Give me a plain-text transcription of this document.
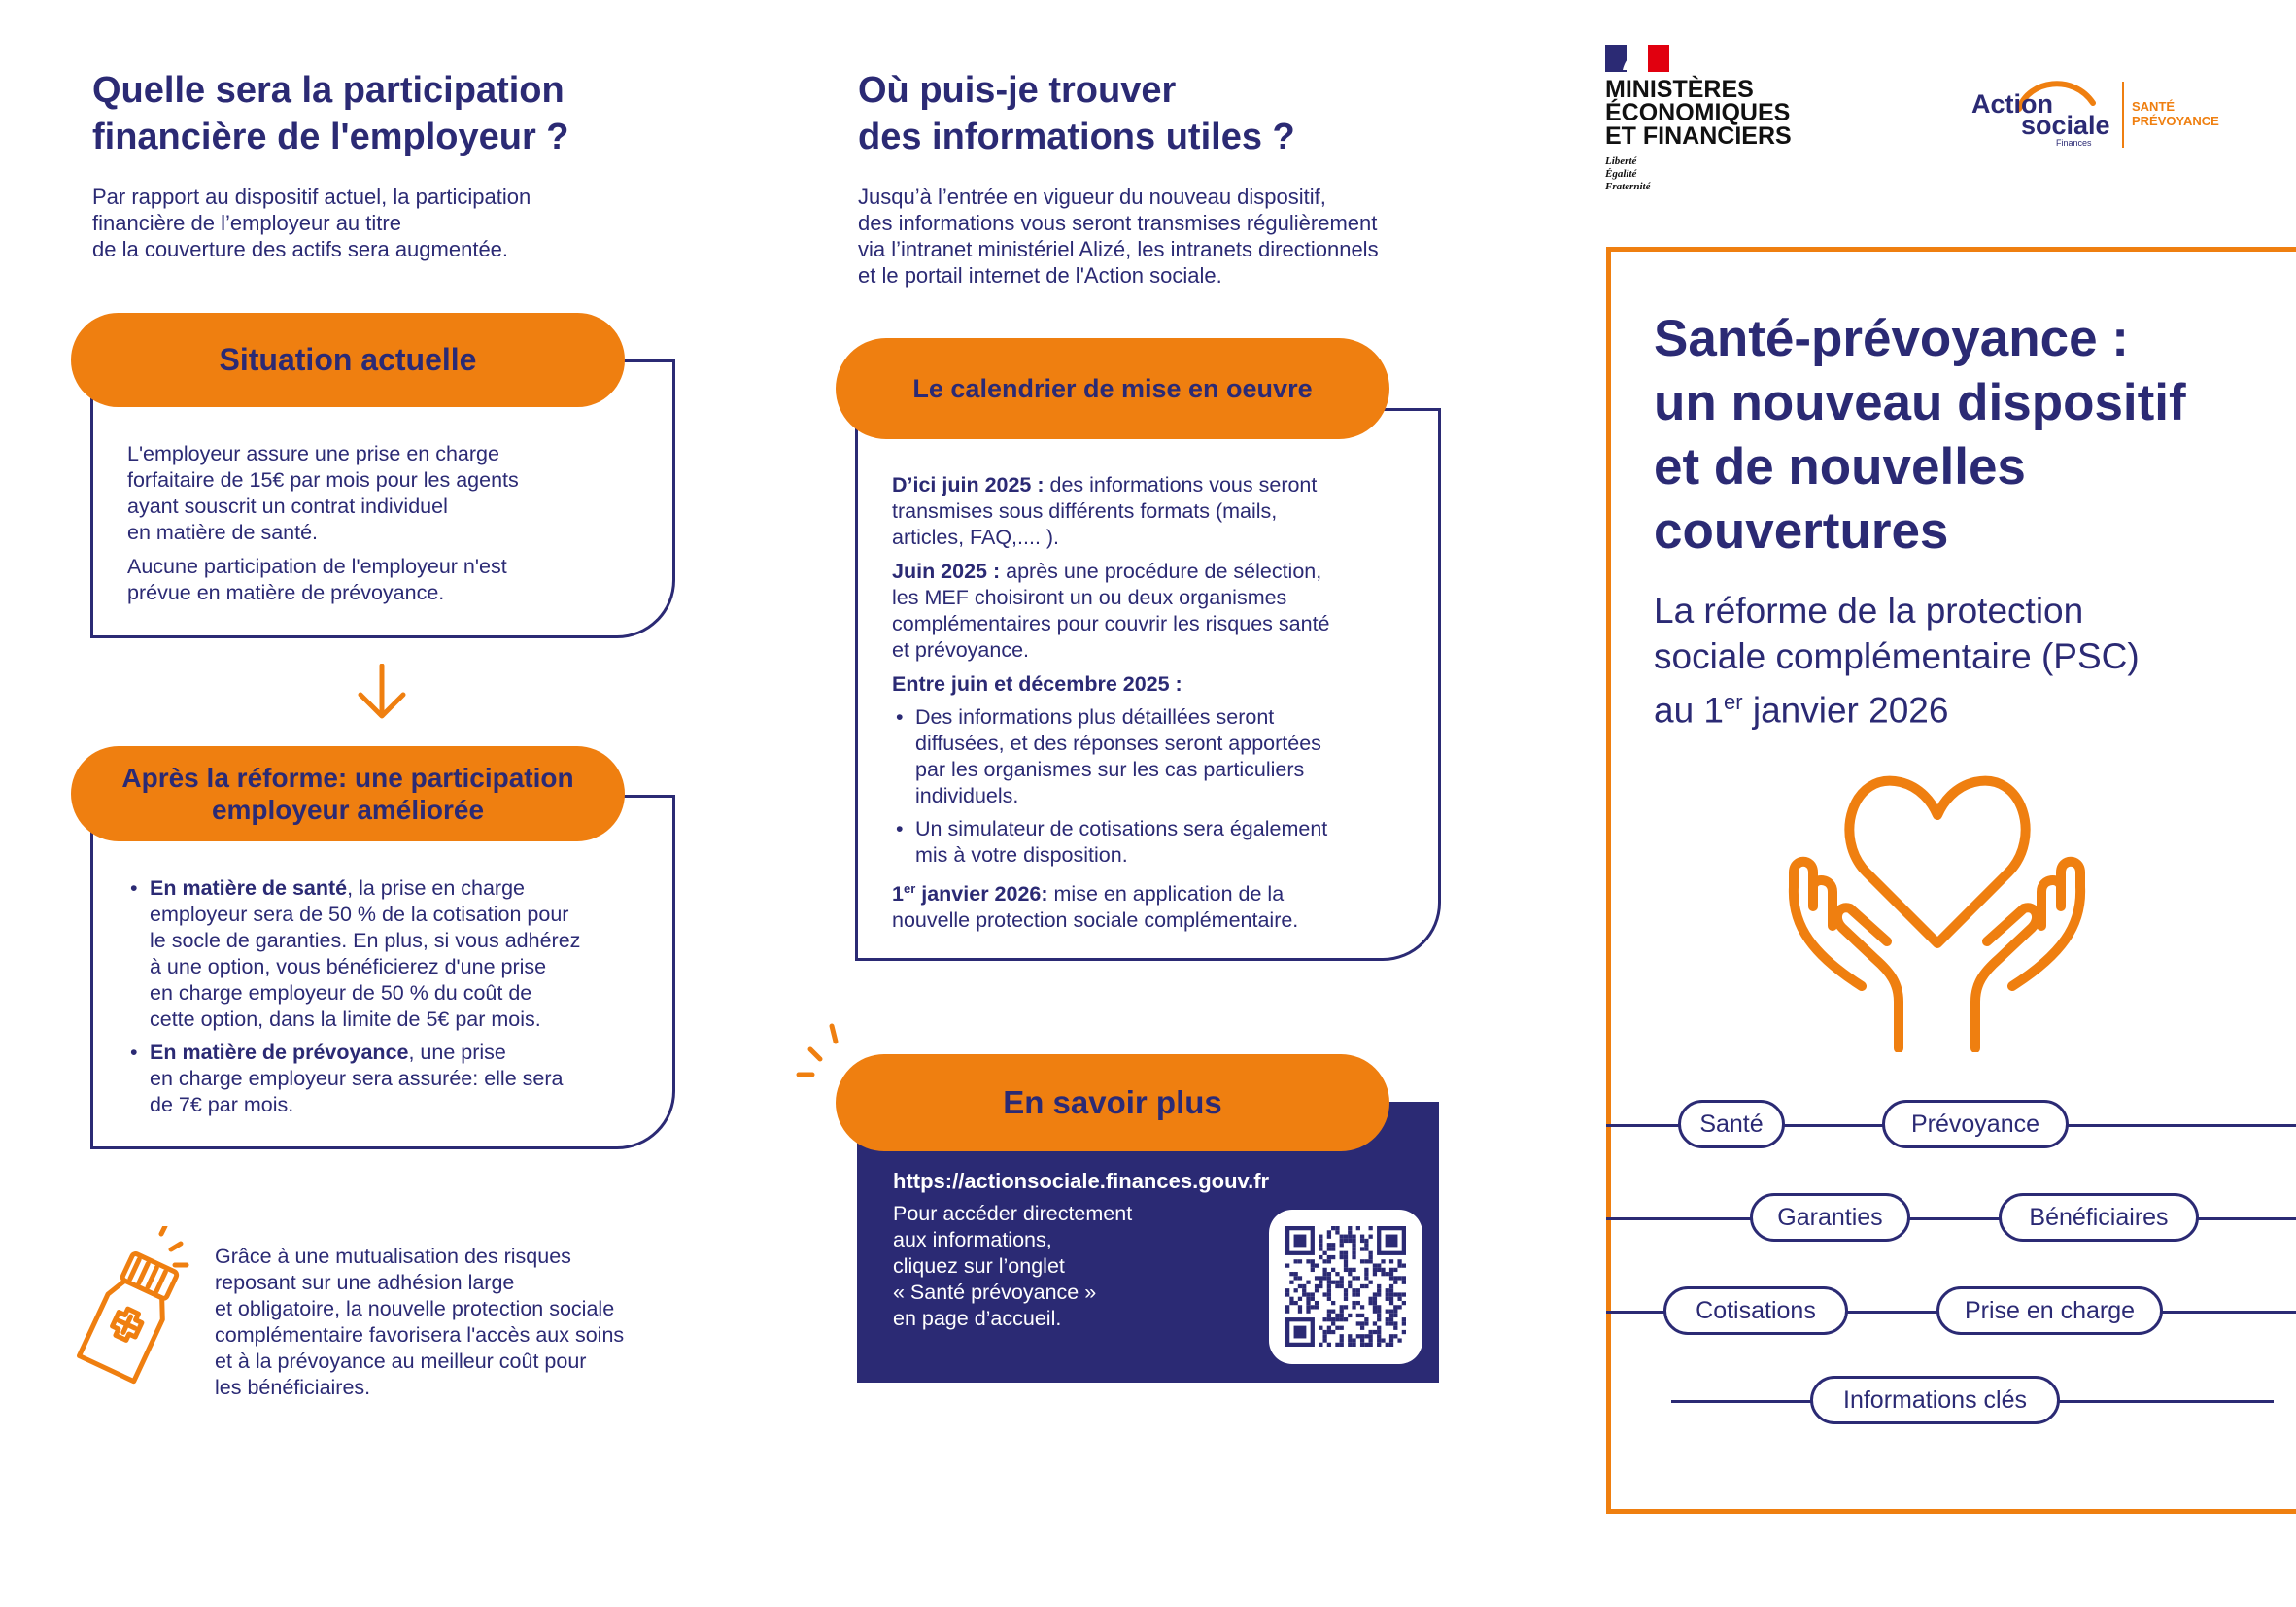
Quelle sera la participation
financière de l'employeur ?
Par rapport au dispositif actuel, la participation
financière de l’employeur au titre
de la couverture des actifs sera augmentée.
Situation actuelle
L'employeur assure une prise en charge
forfaitaire de 15€ par mois pour les agents
ayant souscrit un contrat individuel
en matière de santé.
Aucune participation de l'employeur n'est
prévue en matière de prévoyance.
Après la réforme: une participation
employeur améliorée
• En matière de santé, la prise en charge
employeur sera de 50 % de la cotisation pour
le socle de garanties. En plus, si vous adhérez
à une option, vous bénéficierez d'une prise
en charge employeur de 50 % du coût de
cette option, dans la limite de 5€ par mois.
• En matière de prévoyance, une prise
en charge employeur sera assurée: elle sera
de 7€ par mois.
Grâce à une mutualisation des risques
reposant sur une adhésion large
et obligatoire, la nouvelle protection sociale
complémentaire favorisera l'accès aux soins
et à la prévoyance au meilleur coût pour
les bénéficiaires.
Où puis-je trouver
des informations utiles ?
Jusqu’à l’entrée en vigueur du nouveau dispositif,
des informations vous seront transmises régulièrement
via l’intranet ministériel Alizé, les intranets directionnels
et le portail internet de l'Action sociale.
Le calendrier de mise en oeuvre
D’ici juin 2025 : des informations vous seront
transmises sous différents formats (mails,
articles, FAQ,.... ).
Juin 2025 : après une procédure de sélection,
les MEF choisiront un ou deux organismes
complémentaires pour couvrir les risques santé
et prévoyance.
Entre juin et décembre 2025 :
• Des informations plus détaillées seront
diffusées, et des réponses seront apportées
par les organismes sur les cas particuliers
individuels.
• Un simulateur de cotisations sera également
mis à votre disposition.
1er janvier 2026: mise en application de la
nouvelle protection sociale complémentaire.
En savoir plus
https://actionsociale.finances.gouv.fr
Pour accéder directement
aux informations,
cliquez sur l’onglet
« Santé prévoyance »
en page d’accueil.
MINISTÈRES
ÉCONOMIQUES
ET FINANCIERS
Liberté
Égalité
Fraternité
Action
sociale
Finances
SANTÉ
PRÉVOYANCE
Santé-prévoyance :
un nouveau dispositif
et de nouvelles
couvertures
La réforme de la protection
sociale complémentaire (PSC)
au 1er janvier 2026
Santé	Prévoyance
Garanties	Bénéficiaires
Cotisations	Prise en charge
Informations clés
